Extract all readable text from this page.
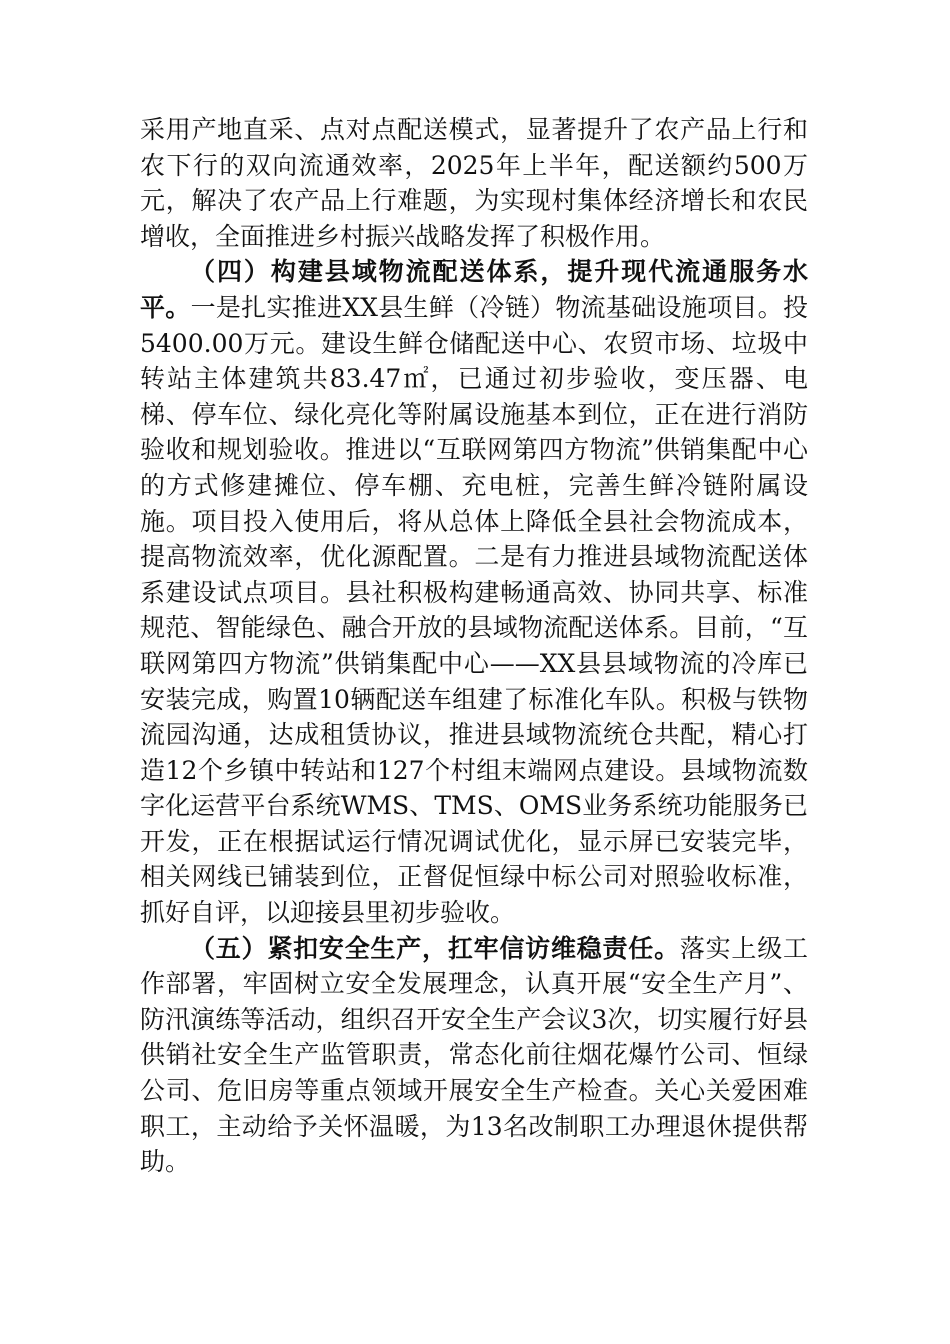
采用产地直采、点对点配送模式，显著提升了农产品上行和农下行的双向流通效率，2025年上半年，配送额约500万元，解决了农产品上行难题，为实现村集体经济增长和农民增收，全面推进乡村振兴战略发挥了积极作用。

（四）构建县域物流配送体系，提升现代流通服务水平。一是扎实推进XX县生鲜（冷链）物流基础设施项目。投5400.00万元。建设生鲜仓储配送中心、农贸市场、垃圾中转站主体建筑共83.47㎡，已通过初步验收，变压器、电梯、停车位、绿化亮化等附属设施基本到位，正在进行消防验收和规划验收。推进以“互联网第四方物流”供销集配中心的方式修建摊位、停车棚、充电桩，完善生鲜冷链附属设施。项目投入使用后，将从总体上降低全县社会物流成本，提高物流效率，优化源配置。二是有力推进县域物流配送体系建设试点项目。县社积极构建畅通高效、协同共享、标准规范、智能绿色、融合开放的县域物流配送体系。目前，“互联网第四方物流”供销集配中心——XX县县域物流的冷库已安装完成，购置10辆配送车组建了标准化车队。积极与铁物流园沟通，达成租赁协议，推进县域物流统仓共配，精心打造12个乡镇中转站和127个村组末端网点建设。县域物流数字化运营平台系统WMS、TMS、OMS业务系统功能服务已开发，正在根据试运行情况调试优化，显示屏已安装完毕，相关网线已铺装到位，正督促恒绿中标公司对照验收标准，抓好自评，以迎接县里初步验收。

（五）紧扣安全生产，扛牢信访维稳责任。落实上级工作部署，牢固树立安全发展理念，认真开展“安全生产月”、防汛演练等活动，组织召开安全生产会议3次，切实履行好县供销社安全生产监管职责，常态化前往烟花爆竹公司、恒绿公司、危旧房等重点领域开展安全生产检查。关心关爱困难职工，主动给予关怀温暖，为13名改制职工办理退休提供帮助。
